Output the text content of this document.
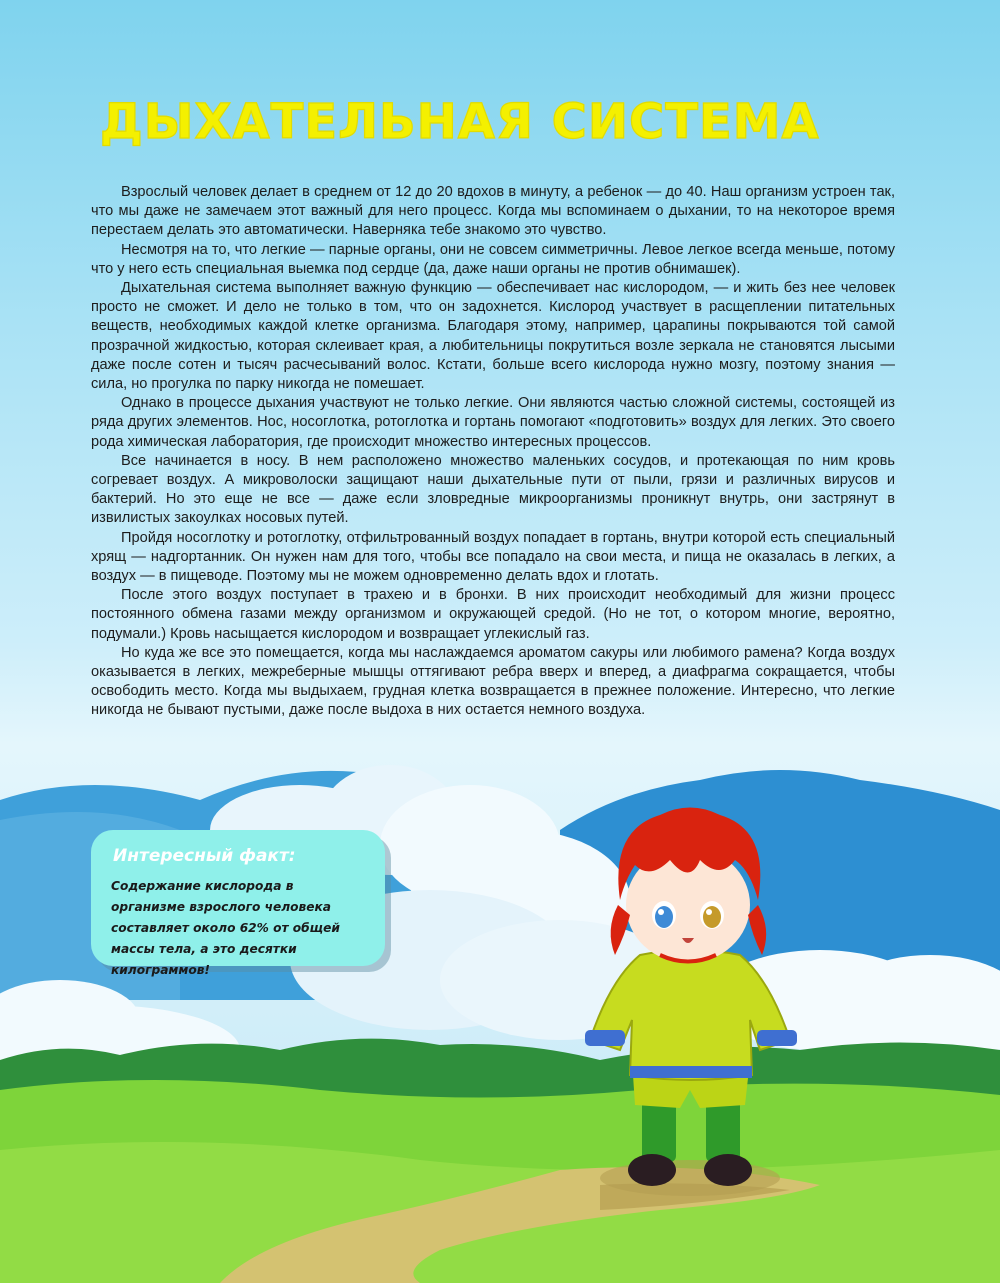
ДЫХАТЕЛЬНАЯ СИСТЕМА

Взрослый человек делает в среднем от 12 до 20 вдохов в минуту, а ребенок — до 40. Наш организм устроен так, что мы даже не замечаем этот важный для него процесс. Когда мы вспоминаем о дыхании, то на некоторое время перестаем делать это автоматически. Наверняка тебе знакомо это чувство.

Несмотря на то, что легкие — парные органы, они не совсем симметричны. Левое легкое всегда меньше, потому что у него есть специальная выемка под сердце (да, даже наши органы не против обнимашек).

Дыхательная система выполняет важную функцию — обеспечивает нас кислородом, — и жить без нее человек просто не сможет. И дело не только в том, что он задохнется. Кислород участвует в расщеплении питательных веществ, необходимых каждой клетке организма. Благодаря этому, например, царапины покрываются той самой прозрачной жидкостью, которая склеивает края, а любительницы покрутиться возле зеркала не становятся лысыми даже после сотен и тысяч расчесываний волос. Кстати, больше всего кислорода нужно мозгу, поэтому знания — сила, но прогулка по парку никогда не помешает.

Однако в процессе дыхания участвуют не только легкие. Они являются частью сложной системы, состоящей из ряда других элементов. Нос, носоглотка, ротоглотка и гортань помогают «подготовить» воздух для легких. Это своего рода химическая лаборатория, где происходит множество интересных процессов.

Все начинается в носу. В нем расположено множество маленьких сосудов, и протекающая по ним кровь согревает воздух. А микроволоски защищают наши дыхательные пути от пыли, грязи и различных вирусов и бактерий. Но это еще не все — даже если зловредные микроорганизмы проникнут внутрь, они застрянут в извилистых закоулках носовых путей.

Пройдя носоглотку и ротоглотку, отфильтрованный воздух попадает в гортань, внутри которой есть специальный хрящ — надгортанник. Он нужен нам для того, чтобы все попадало на свои места, и пища не оказалась в легких, а воздух — в пищеводе. Поэтому мы не можем одновременно делать вдох и глотать.

После этого воздух поступает в трахею и в бронхи. В них происходит необходимый для жизни процесс постоянного обмена газами между организмом и окружающей средой. (Но не тот, о котором многие, вероятно, подумали.) Кровь насыщается кислородом и возвращает углекислый газ.

Но куда же все это помещается, когда мы наслаждаемся ароматом сакуры или любимого рамена? Когда воздух оказывается в легких, межреберные мышцы оттягивают ребра вверх и вперед, а диафрагма сокращается, чтобы освободить место. Когда мы выдыхаем, грудная клетка возвращается в прежнее положение. Интересно, что легкие никогда не бывают пустыми, даже после выдоха в них остается немного воздуха.

Интересный факт:

Содержание кислорода в организме взрослого человека составляет около 62% от общей массы тела, а это десятки килограммов!
